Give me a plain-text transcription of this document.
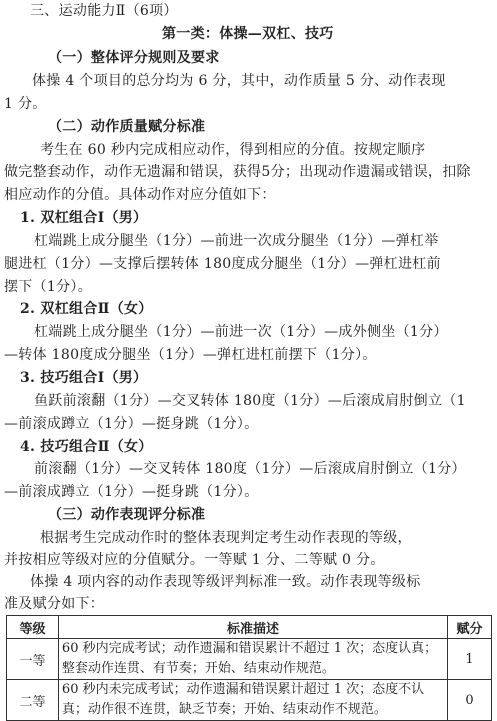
三、运动能力Ⅱ（6项）
第一类：体操—双杠、技巧
（一）整体评分规则及要求
体操 4 个项目的总分均为 6 分，其中，动作质量 5 分、动作表现
1 分。
（二）动作质量赋分标准
考生在 60 秒内完成相应动作，得到相应的分值。按规定顺序
做完整套动作，动作无遗漏和错误，获得5分；出现动作遗漏或错误，扣除
相应动作的分值。具体动作对应分值如下：
1. 双杠组合Ⅰ（男）
杠端跳上成分腿坐（1分）—前进一次成分腿坐（1分）—弹杠举
腿进杠（1分）—支撑后摆转体 180度成分腿坐（1分）—弹杠进杠前
摆下（1分）。
2. 双杠组合Ⅱ（女）
杠端跳上成分腿坐（1分）—前进一次（1分）—成外侧坐（1分）
—转体 180度成分腿坐（1分）—弹杠进杠前摆下（1分）。
3. 技巧组合Ⅰ（男）
鱼跃前滚翻（1分）—交叉转体 180度（1分）—后滚成肩肘倒立（1
—前滚成蹲立（1分）—挺身跳（1分）。
4. 技巧组合Ⅱ（女）
前滚翻（1分）—交叉转体 180度（1分）—后滚成肩肘倒立（1分）
—前滚成蹲立（1分）—挺身跳（1分）。
（三）动作表现评分标准
根据考生完成动作时的整体表现判定考生动作表现的等级，
并按相应等级对应的分值赋分。一等赋 1 分、二等赋 0 分。
体操 4 项内容的动作表现等级评判标准一致。动作表现等级标
准及赋分如下：
等级	标准描述	赋分
一等	60 秒内完成考试；动作遗漏和错误累计不超过 1 次；态度认真；整套动作连贯、有节奏；开始、结束动作规范。	1
二等	60 秒内未完成考试；动作遗漏和错误累计超过 1 次；态度不认真；动作很不连贯，缺乏节奏；开始、结束动作不规范。	0
